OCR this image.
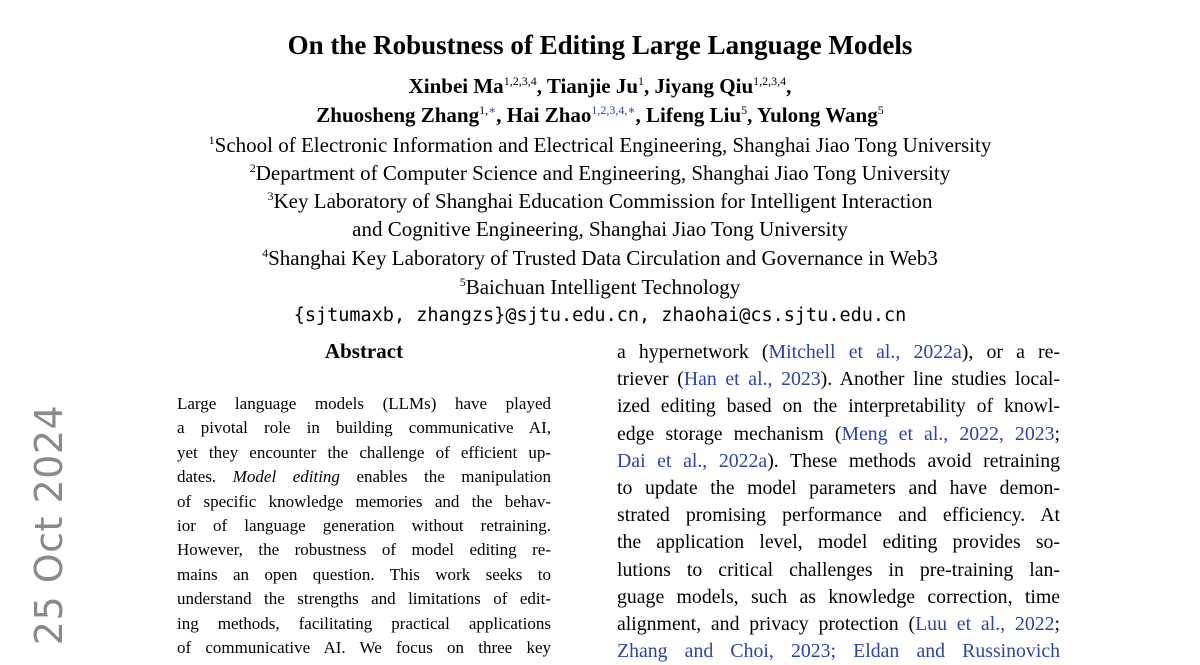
25 Oct 2024
On the Robustness of Editing Large Language Models
Xinbei Ma$^{1,2,3,4}$, Tianjie Ju$^1$, Jiyang Qiu$^{1,2,3,4}$,
Zhuosheng Zhang$^{1,∗}$, Hai Zhao$^{1,2,3,4,∗}$, Lifeng Liu$^5$, Yulong Wang$^5$
$^1$School of Electronic Information and Electrical Engineering, Shanghai Jiao Tong University
$^2$Department of Computer Science and Engineering, Shanghai Jiao Tong University
$^3$Key Laboratory of Shanghai Education Commission for Intelligent Interaction
and Cognitive Engineering, Shanghai Jiao Tong University
$^4$Shanghai Key Laboratory of Trusted Data Circulation and Governance in Web3
$^5$Baichuan Intelligent Technology
{sjtumaxb, zhangzs}@sjtu.edu.cn, zhaohai@cs.sjtu.edu.cn
Abstract
Large language models (LLMs) have played
a pivotal role in building communicative AI,
yet they encounter the challenge of efficient up-
dates. Model editing enables the manipulation
of specific knowledge memories and the behav-
ior of language generation without retraining.
However, the robustness of model editing re-
mains an open question. This work seeks to
understand the strengths and limitations of edit-
ing methods, facilitating practical applications
of communicative AI. We focus on three key
a hypernetwork (Mitchell et al., 2022a), or a re-
triever (Han et al., 2023). Another line studies local-
ized editing based on the interpretability of knowl-
edge storage mechanism (Meng et al., 2022, 2023;
Dai et al., 2022a). These methods avoid retraining
to update the model parameters and have demon-
strated promising performance and efficiency. At
the application level, model editing provides so-
lutions to critical challenges in pre-training lan-
guage models, such as knowledge correction, time
alignment, and privacy protection (Luu et al., 2022;
Zhang and Choi, 2023; Eldan and Russinovich
